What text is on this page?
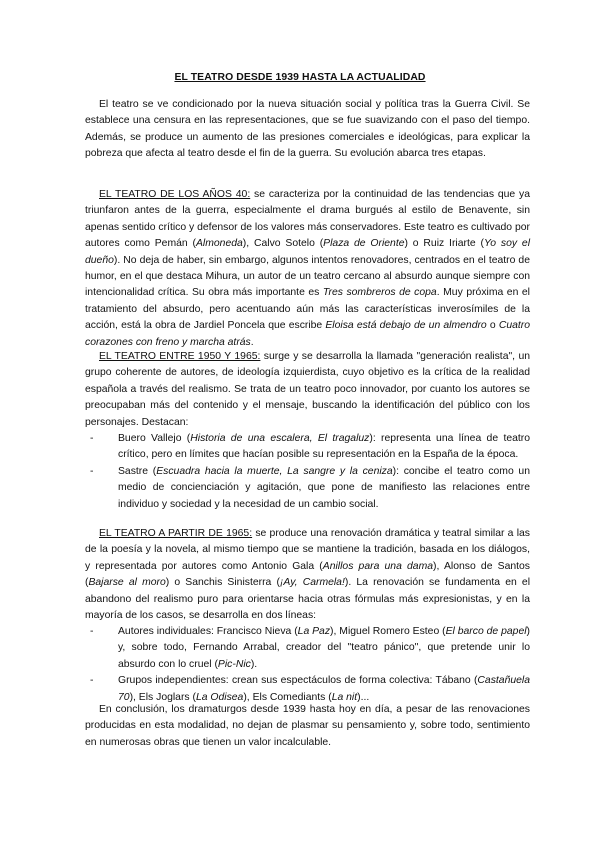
EL TEATRO DESDE 1939 HASTA LA ACTUALIDAD

El teatro se ve condicionado por la nueva situación social y política tras la Guerra Civil. Se establece una censura en las representaciones, que se fue suavizando con el paso del tiempo. Además, se produce un aumento de las presiones comerciales e ideológicas, para explicar la pobreza que afecta al teatro desde el fin de la guerra. Su evolución abarca tres etapas.

EL TEATRO DE LOS AÑOS 40: se caracteriza por la continuidad de las tendencias que ya triunfaron antes de la guerra, especialmente el drama burgués al estilo de Benavente, sin apenas sentido crítico y defensor de los valores más conservadores. Este teatro es cultivado por autores como Pemán (Almoneda), Calvo Sotelo (Plaza de Oriente) o Ruiz Iriarte (Yo soy el dueño). No deja de haber, sin embargo, algunos intentos renovadores, centrados en el teatro de humor, en el que destaca Mihura, un autor de un teatro cercano al absurdo aunque siempre con intencionalidad crítica. Su obra más importante es Tres sombreros de copa. Muy próxima en el tratamiento del absurdo, pero acentuando aún más las características inverosímiles de la acción, está la obra de Jardiel Poncela que escribe Eloisa está debajo de un almendro o Cuatro corazones con freno y marcha atrás.

EL TEATRO ENTRE 1950 Y 1965: surge y se desarrolla la llamada "generación realista", un grupo coherente de autores, de ideología izquierdista, cuyo objetivo es la crítica de la realidad española a través del realismo. Se trata de un teatro poco innovador, por cuanto los autores se preocupaban más del contenido y el mensaje, buscando la identificación del público con los personajes. Destacan:

- Buero Vallejo (Historia de una escalera, El tragaluz): representa una línea de teatro crítico, pero en límites que hacían posible su representación en la España de la época.
- Sastre (Escuadra hacia la muerte, La sangre y la ceniza): concibe el teatro como un medio de concienciación y agitación, que pone de manifiesto las relaciones entre individuo y sociedad y la necesidad de un cambio social.

EL TEATRO A PARTIR DE 1965: se produce una renovación dramática y teatral similar a las de la poesía y la novela, al mismo tiempo que se mantiene la tradición, basada en los diálogos, y representada por autores como Antonio Gala (Anillos para una dama), Alonso de Santos (Bajarse al moro) o Sanchis Sinisterra (¡Ay, Carmela!). La renovación se fundamenta en el abandono del realismo puro para orientarse hacia otras fórmulas más expresionistas, y en la mayoría de los casos, se desarrolla en dos líneas:

- Autores individuales: Francisco Nieva (La Paz), Miguel Romero Esteo (El barco de papel) y, sobre todo, Fernando Arrabal, creador del "teatro pánico", que pretende unir lo absurdo con lo cruel (Pic-Nic).
- Grupos independientes: crean sus espectáculos de forma colectiva: Tábano (Castañuela 70), Els Joglars (La Odisea), Els Comediants (La nit)...

En conclusión, los dramaturgos desde 1939 hasta hoy en día, a pesar de las renovaciones producidas en esta modalidad, no dejan de plasmar su pensamiento y, sobre todo, sentimiento en numerosas obras que tienen un valor incalculable.
